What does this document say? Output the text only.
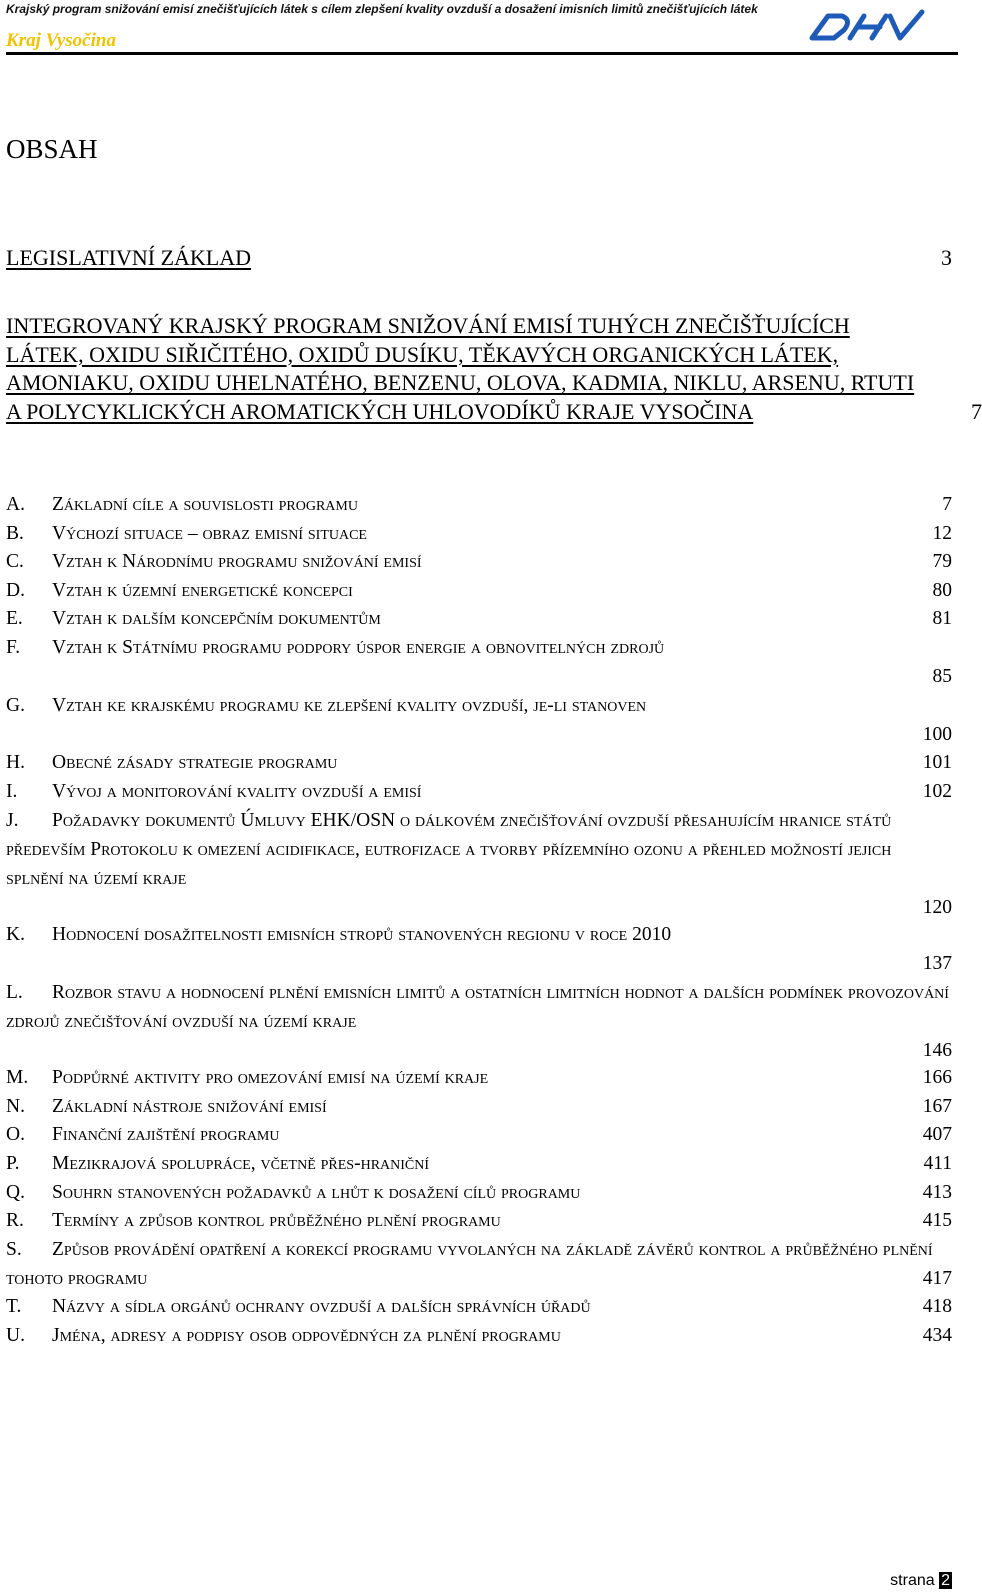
Krajský program snižování emisí znečišťujících látek s cílem zlepšení kvality ovzduší a dosažení imisních limitů znečišťujících látek
Kraj Vysočina
OBSAH
LEGISLATIVNÍ ZÁKLAD	3
INTEGROVANÝ KRAJSKÝ PROGRAM SNIŽOVÁNÍ EMISÍ TUHÝCH ZNEČIŠŤUJÍCÍCH LÁTEK, OXIDU SIŘIČITÉHO, OXIDŮ DUSÍKU, TĚKAVÝCH ORGANICKÝCH LÁTEK, AMONIAKU, OXIDU UHELNATÉHO, BENZENU, OLOVA, KADMIA, NIKLU, ARSENU, RTUTI A POLYCYKLICKÝCH AROMATICKÝCH UHLOVODÍKŮ KRAJE VYSOČINA	7
A. Základní cíle a souvislosti programu	7
B. Výchozí situace – obraz emisní situace	12
C. Vztah k Národnímu programu snižování emisí	79
D. Vztah k územní energetické koncepci	80
E. Vztah k dalším koncepčním dokumentům	81
F. Vztah k Státnímu programu podpory úspor energie a obnovitelných zdrojů
85
G. Vztah ke krajskému programu ke zlepšení kvality ovzduší, je-li stanoven
100
H. Obecné zásady strategie programu	101
I. Vývoj a monitorování kvality ovzduší a emisí	102
J. Požadavky dokumentů Úmluvy EHK/OSN o dálkovém znečišťování ovzduší přesahujícím hranice států především Protokolu k omezení acidifikace, eutrofizace a tvorby přízemního ozonu a přehled možností jejich splnění na území kraje
120
K. Hodnocení dosažitelnosti emisních stropů stanovených regionu v roce 2010
137
L. Rozbor stavu a hodnocení plnění emisních limitů a ostatních limitních hodnot a dalších podmínek provozování zdrojů znečišťování ovzduší na území kraje
146
M. Podpůrné aktivity pro omezování emisí na území kraje	166
N. Základní nástroje snižování emisí	167
O. Finanční zajištění programu	407
P. Mezikrajová spolupráce, včetně přes-hraniční	411
Q. Souhrn stanovených požadavků a lhůt k dosažení cílů programu	413
R. Termíny a způsob kontrol průběžného plnění programu	415
S. Způsob provádění opatření a korekcí programu vyvolaných na základě závěrů kontrol a průběžného plnění tohoto programu	417
T. Názvy a sídla orgánů ochrany ovzduší a dalších správních úřadů	418
U. Jména, adresy a podpisy osob odpovědných za plnění programu	434
strana 2
